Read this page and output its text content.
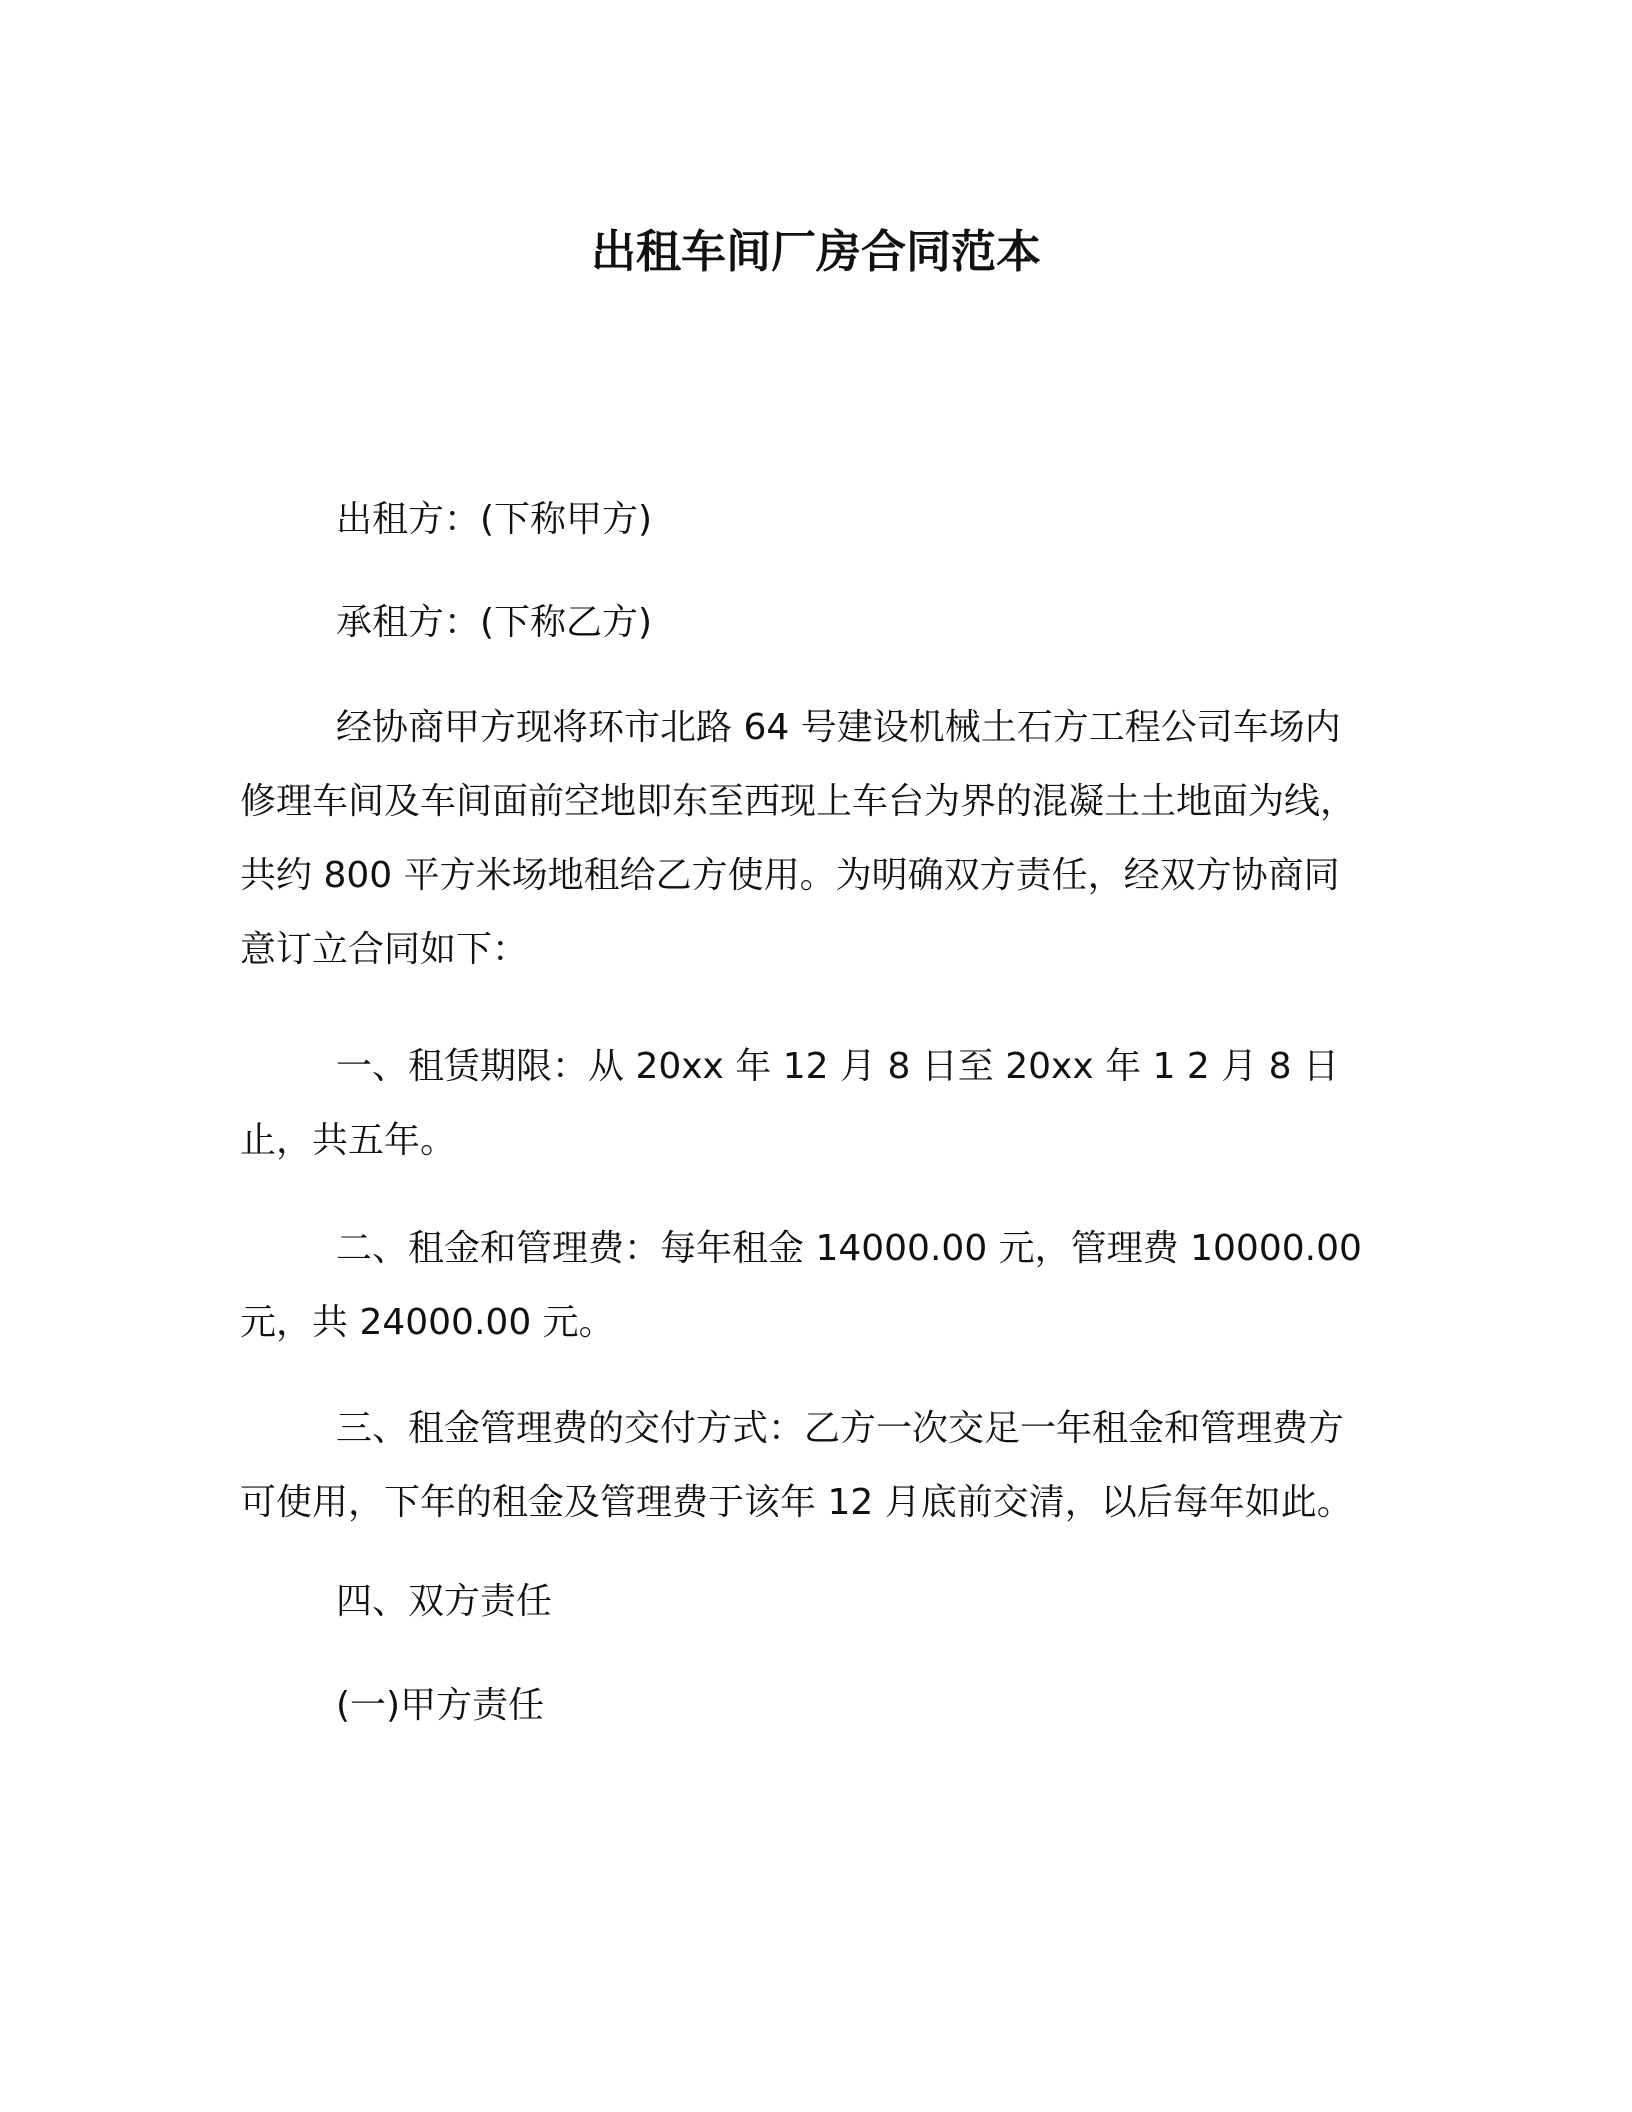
出租车间厂房合同范本

出租方：(下称甲方)

承租方：(下称乙方)

经协商甲方现将环市北路 64 号建设机械土石方工程公司车场内修理车间及车间面前空地即东至西现上车台为界的混凝土土地面为线，共约 800 平方米场地租给乙方使用。为明确双方责任，经双方协商同意订立合同如下：

一、租赁期限：从 20xx 年 12 月 8 日至 20xx 年 1 2 月 8 日止，共五年。

二、租金和管理费：每年租金 14000.00 元，管理费 10000.00 元，共 24000.00 元。

三、租金管理费的交付方式：乙方一次交足一年租金和管理费方可使用，下年的租金及管理费于该年 12 月底前交清，以后每年如此。

四、双方责任

(一)甲方责任
